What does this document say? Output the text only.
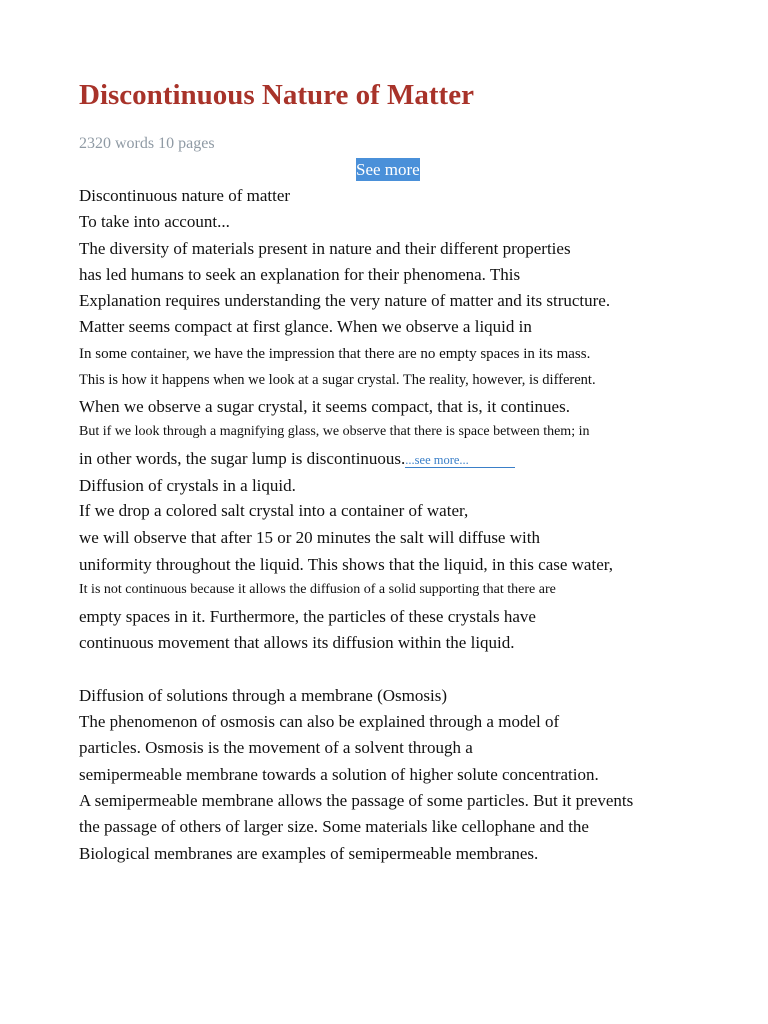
Discontinuous Nature of Matter
2320 words 10 pages
See more
Discontinuous nature of matter
To take into account...
The diversity of materials present in nature and their different properties
has led humans to seek an explanation for their phenomena. This
Explanation requires understanding the very nature of matter and its structure.
Matter seems compact at first glance. When we observe a liquid in
In some container, we have the impression that there are no empty spaces in its mass.
This is how it happens when we look at a sugar crystal. The reality, however, is different.
When we observe a sugar crystal, it seems compact, that is, it continues.
But if we look through a magnifying glass, we observe that there is space between them; in
in other words, the sugar lump is discontinuous....see more...
Diffusion of crystals in a liquid.
If we drop a colored salt crystal into a container of water,
we will observe that after 15 or 20 minutes the salt will diffuse with
uniformity throughout the liquid. This shows that the liquid, in this case water,
It is not continuous because it allows the diffusion of a solid supporting that there are
empty spaces in it. Furthermore, the particles of these crystals have
continuous movement that allows its diffusion within the liquid.
Diffusion of solutions through a membrane (Osmosis)
The phenomenon of osmosis can also be explained through a model of
particles. Osmosis is the movement of a solvent through a
semipermeable membrane towards a solution of higher solute concentration.
A semipermeable membrane allows the passage of some particles. But it prevents
the passage of others of larger size. Some materials like cellophane and the
Biological membranes are examples of semipermeable membranes.
